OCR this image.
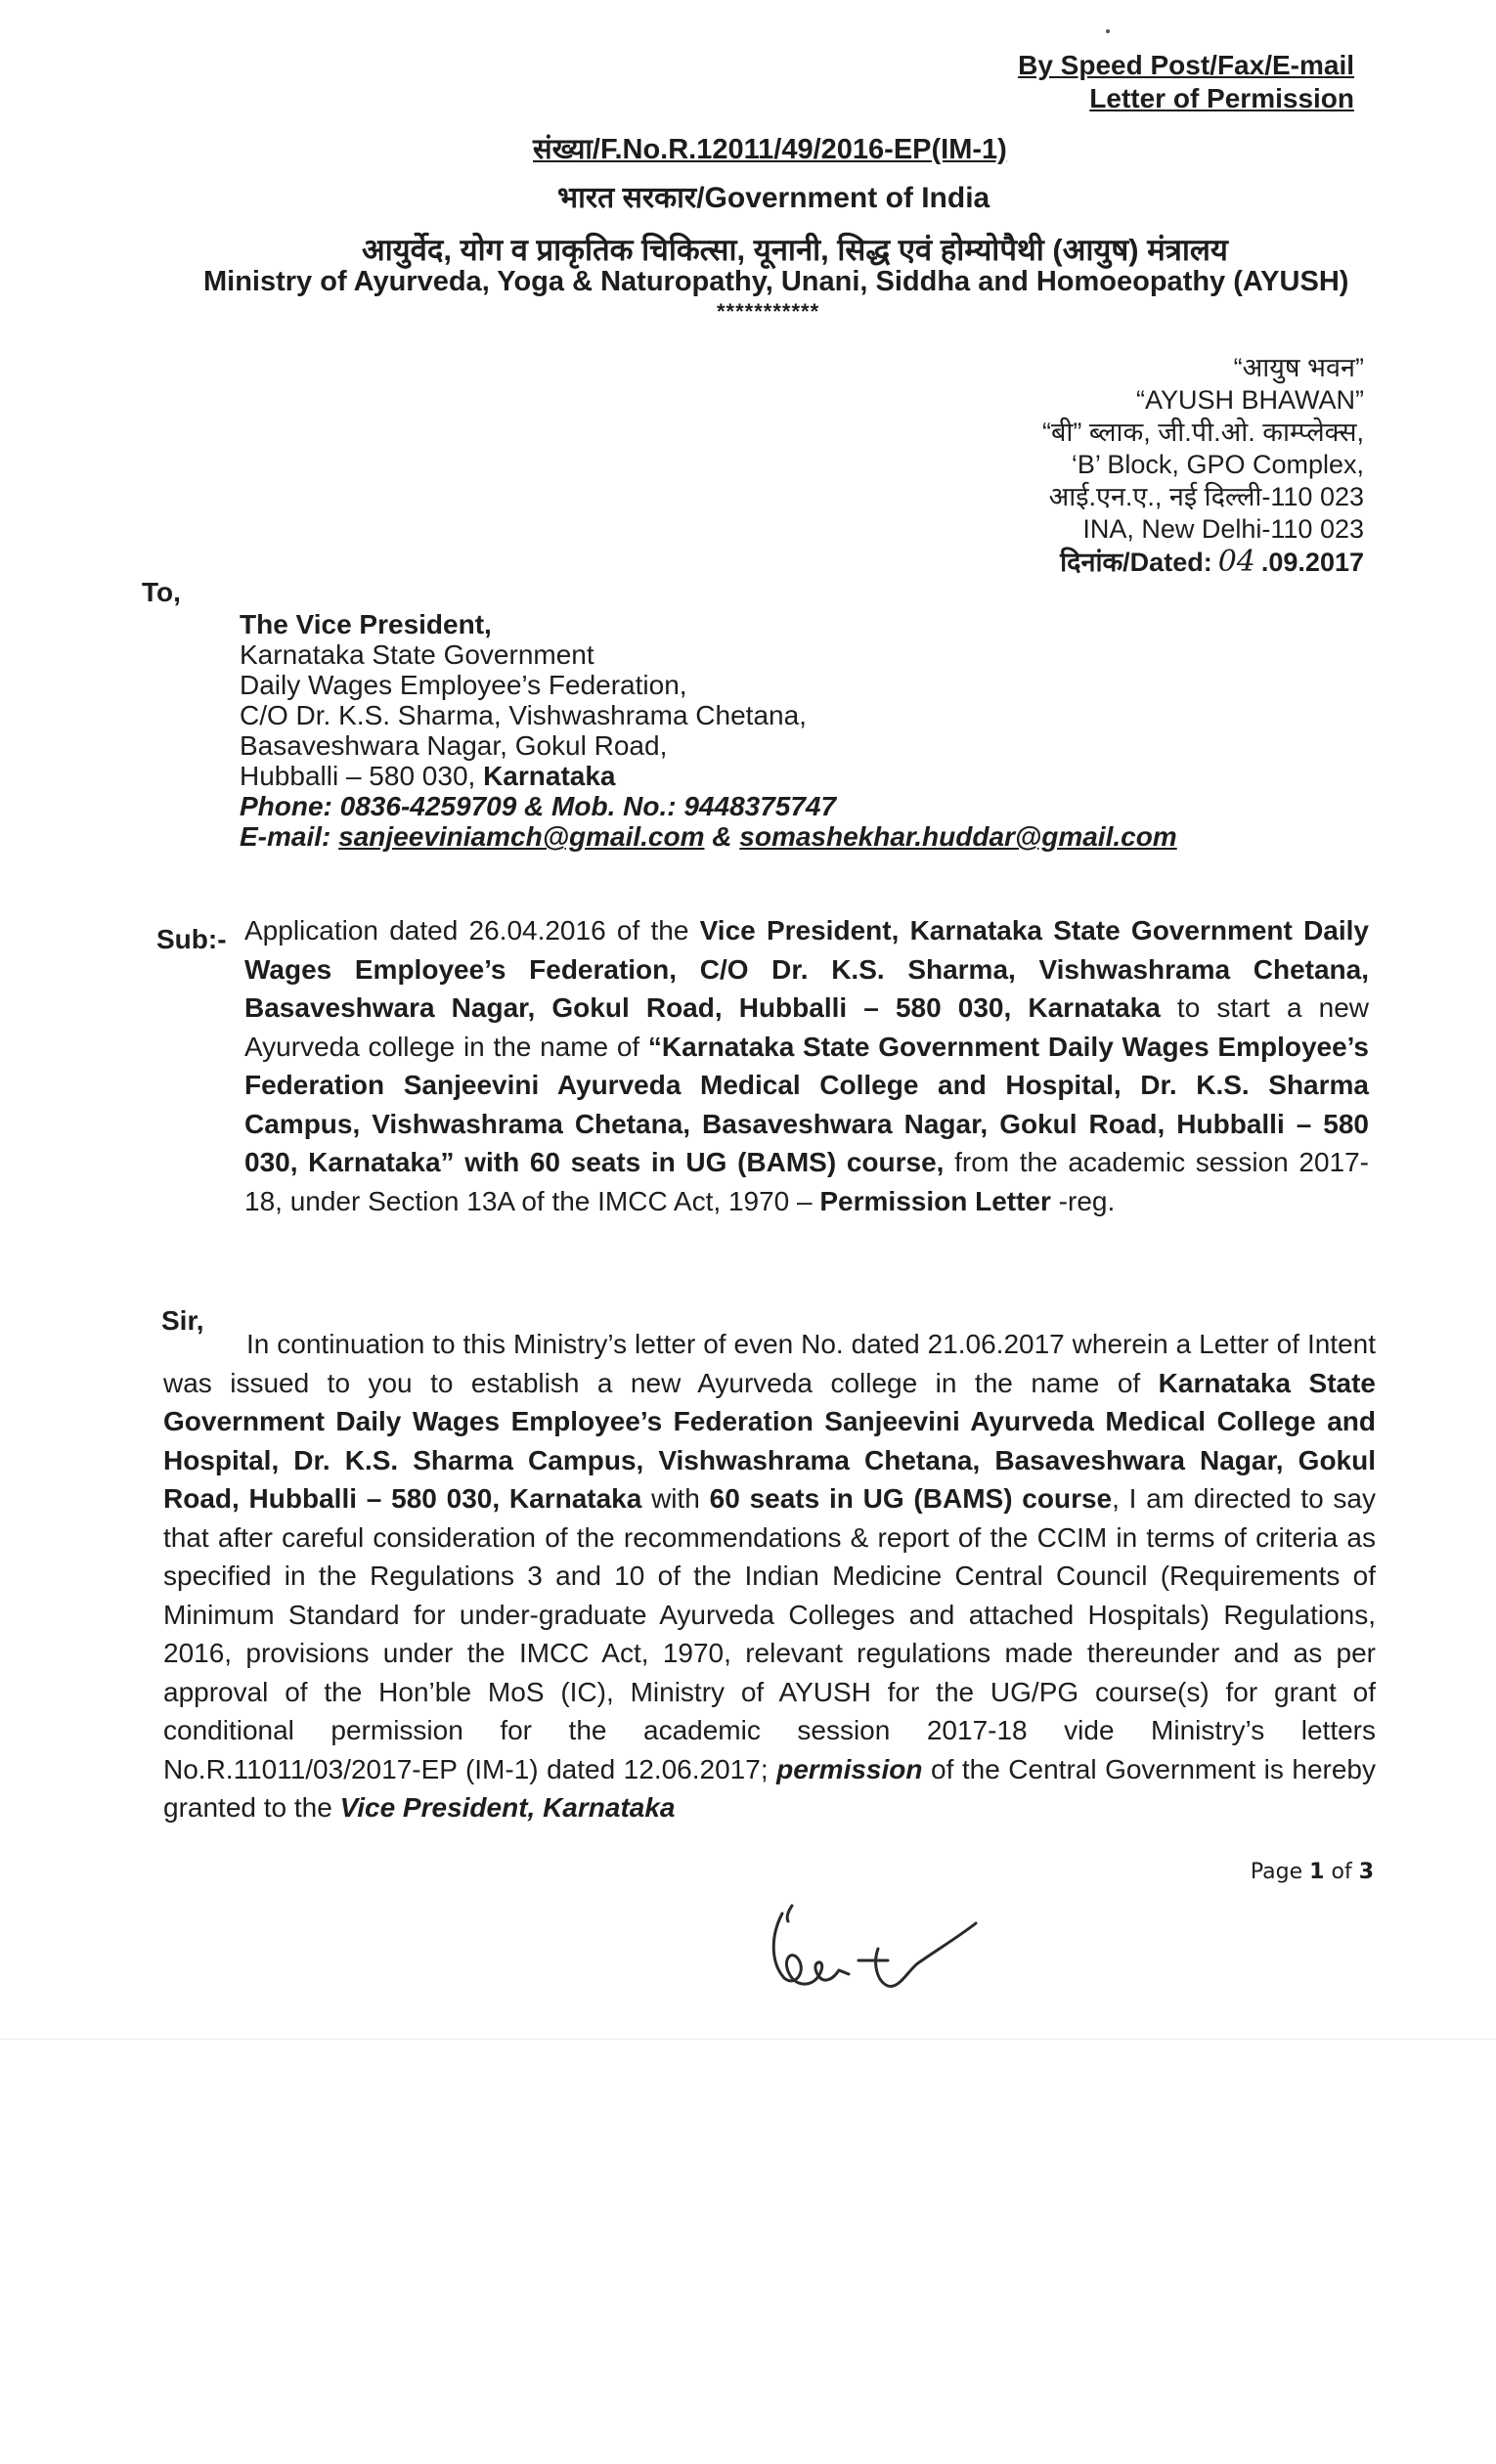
By Speed Post/Fax/E-mail
Letter of Permission
संख्या/F.No.R.12011/49/2016-EP(IM-1)
भारत सरकार/Government of India
आयुर्वेद, योग व प्राकृतिक चिकित्सा, यूनानी, सिद्ध एवं होम्योपैथी (आयुष) मंत्रालय
Ministry of Ayurveda, Yoga & Naturopathy, Unani, Siddha and Homoeopathy (AYUSH)
***********
“आयुष भवन”
“AYUSH BHAWAN”
“बी” ब्लाक, जी.पी.ओ. काम्प्लेक्स,
‘B’ Block, GPO Complex,
आई.एन.ए., नई दिल्ली-110 023
INA, New Delhi-110 023
दिनांक/Dated: 04 .09.2017
To,
The Vice President,
Karnataka State Government
Daily Wages Employee’s Federation,
C/O Dr. K.S. Sharma, Vishwashrama Chetana,
Basaveshwara Nagar, Gokul Road,
Hubballi – 580 030, Karnataka
Phone: 0836-4259709 & Mob. No.: 9448375747
E-mail: sanjeeviniamch@gmail.com & somashekhar.huddar@gmail.com
Sub:- Application dated 26.04.2016 of the Vice President, Karnataka State Government Daily Wages Employee’s Federation, C/O Dr. K.S. Sharma, Vishwashrama Chetana, Basaveshwara Nagar, Gokul Road, Hubballi – 580 030, Karnataka to start a new Ayurveda college in the name of “Karnataka State Government Daily Wages Employee’s Federation Sanjeevini Ayurveda Medical College and Hospital, Dr. K.S. Sharma Campus, Vishwashrama Chetana, Basaveshwara Nagar, Gokul Road, Hubballi – 580 030, Karnataka” with 60 seats in UG (BAMS) course, from the academic session 2017-18, under Section 13A of the IMCC Act, 1970 – Permission Letter -reg.
Sir,
In continuation to this Ministry’s letter of even No. dated 21.06.2017 wherein a Letter of Intent was issued to you to establish a new Ayurveda college in the name of Karnataka State Government Daily Wages Employee’s Federation Sanjeevini Ayurveda Medical College and Hospital, Dr. K.S. Sharma Campus, Vishwashrama Chetana, Basaveshwara Nagar, Gokul Road, Hubballi – 580 030, Karnataka with 60 seats in UG (BAMS) course, I am directed to say that after careful consideration of the recommendations & report of the CCIM in terms of criteria as specified in the Regulations 3 and 10 of the Indian Medicine Central Council (Requirements of Minimum Standard for under-graduate Ayurveda Colleges and attached Hospitals) Regulations, 2016, provisions under the IMCC Act, 1970, relevant regulations made thereunder and as per approval of the Hon’ble MoS (IC), Ministry of AYUSH for the UG/PG course(s) for grant of conditional permission for the academic session 2017-18 vide Ministry’s letters No.R.11011/03/2017-EP (IM-1) dated 12.06.2017; permission of the Central Government is hereby granted to the Vice President, Karnataka
Page 1 of 3
